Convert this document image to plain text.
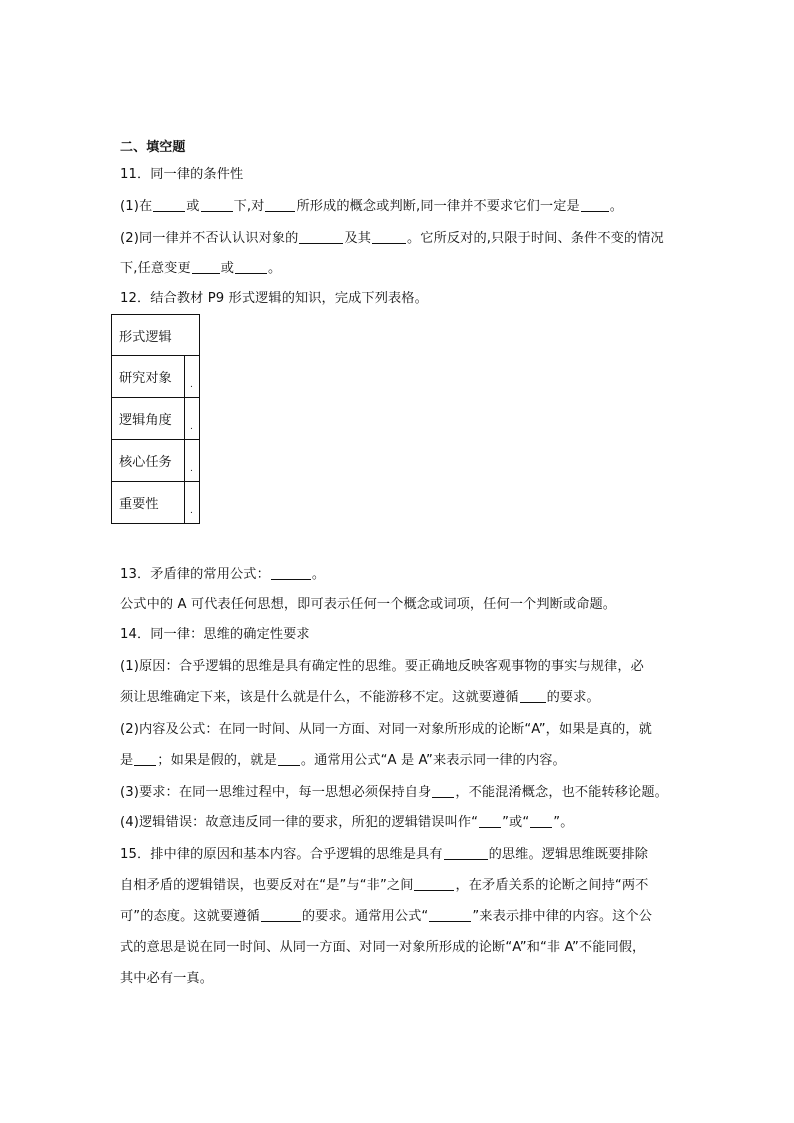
二、填空题
11．同一律的条件性
(1)在	或	下,对 所形成的概念或判断,同一律并不要求它们一定是 。
(2)同一律并不否认认识对象的	及其	。它所反对的,只限于时间、条件不变的情况
下,任意变更 或	。
12．结合教材 P9 形式逻辑的知识，完成下列表格。
形式逻辑	
研究对象	.

逻辑角度	.

核心任务	.

重要性	.
13．矛盾律的常用公式：	。
公式中的 A 可代表任何思想，即可表示任何一个概念或词项，任何一个判断或命题。
14．同一律：思维的确定性要求
(1)原因：合乎逻辑的思维是具有确定性的思维。要正确地反映客观事物的事实与规律，必
须让思维确定下来，该是什么就是什么，不能游移不定。这就要遵循 的要求。
(2)内容及公式：在同一时间、从同一方面、对同一对象所形成的论断“A”，如果是真的，就
是 ；如果是假的，就是 。通常用公式“A 是 A”来表示同一律的内容。
(3)要求：在同一思维过程中，每一思想必须保持自身 ，不能混淆概念，也不能转移论题。
(4)逻辑错误：故意违反同一律的要求，所犯的逻辑错误叫作“ ”或“ ”。
15．排中律的原因和基本内容。合乎逻辑的思维是具有	的思维。逻辑思维既要排除
自相矛盾的逻辑错误，也要反对在“是”与“非”之间	，在矛盾关系的论断之间持“两不
可”的态度。这就要遵循	的要求。通常用公式“	”来表示排中律的内容。这个公
式的意思是说在同一时间、从同一方面、对同一对象所形成的论断“A”和“非 A”不能同假，
其中必有一真。
